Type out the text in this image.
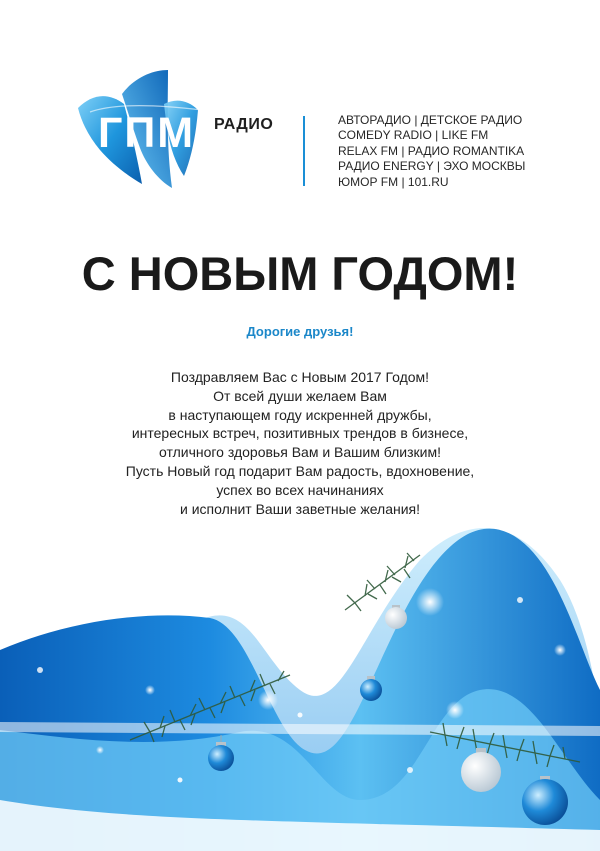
ГПМ РАДИО	АВТОРАДИО | ДЕТСКОЕ РАДИО
COMEDY RADIO | LIKE FM
RELAX FM | РАДИО ROMANTIKA
РАДИО ENERGY | ЭХО МОСКВЫ
ЮМОР FM | 101.RU
С НОВЫМ ГОДОМ!

Дорогие друзья!

Поздравляем Вас с Новым 2017 Годом!
От всей души желаем Вам
в наступающем году искренней дружбы,
интересных встреч, позитивных трендов в бизнесе,
отличного здоровья Вам и Вашим близким!
Пусть Новый год подарит Вам радость, вдохновение,
успех во всех начинаниях
и исполнит Ваши заветные желания!
